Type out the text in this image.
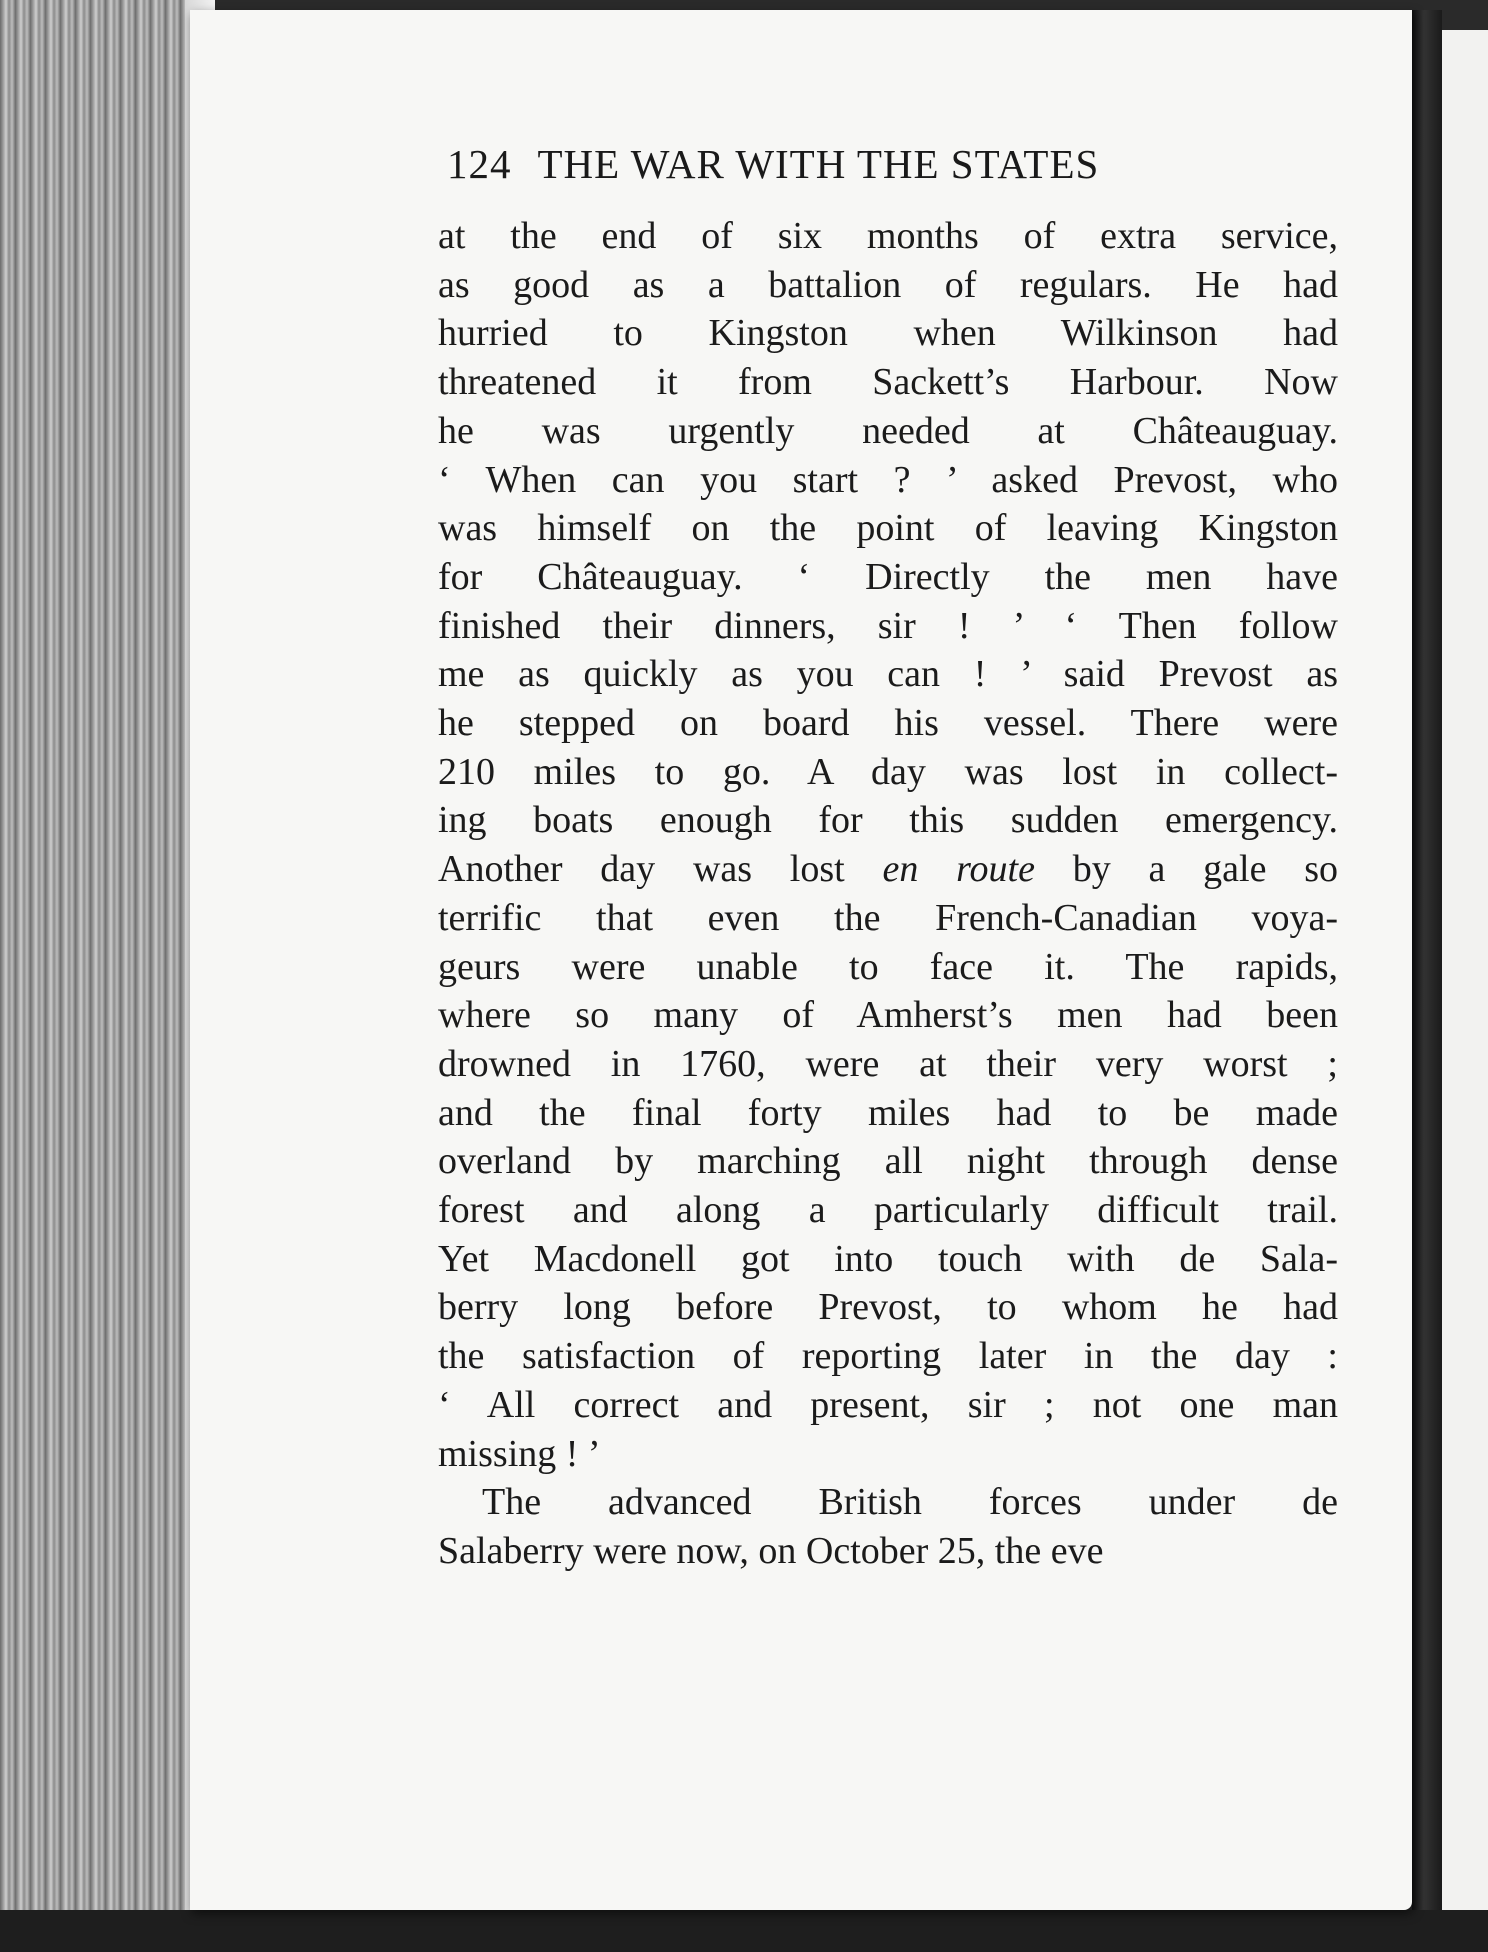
124 THE WAR WITH THE STATES
at the end of six months of extra service,
as good as a battalion of regulars. He had
hurried to Kingston when Wilkinson had
threatened it from Sackett’s Harbour. Now
he was urgently needed at Châteauguay.
‘ When can you start ? ’ asked Prevost, who
was himself on the point of leaving Kingston
for Châteauguay. ‘ Directly the men have
finished their dinners, sir ! ’ ‘ Then follow
me as quickly as you can ! ’ said Prevost as
he stepped on board his vessel. There were
210 miles to go. A day was lost in collect-
ing boats enough for this sudden emergency.
Another day was lost en route by a gale so
terrific that even the French-Canadian voya-
geurs were unable to face it. The rapids,
where so many of Amherst’s men had been
drowned in 1760, were at their very worst ;
and the final forty miles had to be made
overland by marching all night through dense
forest and along a particularly difficult trail.
Yet Macdonell got into touch with de Sala-
berry long before Prevost, to whom he had
the satisfaction of reporting later in the day :
‘ All correct and present, sir ; not one man
missing ! ’
The advanced British forces under de
Salaberry were now, on October 25, the eve
